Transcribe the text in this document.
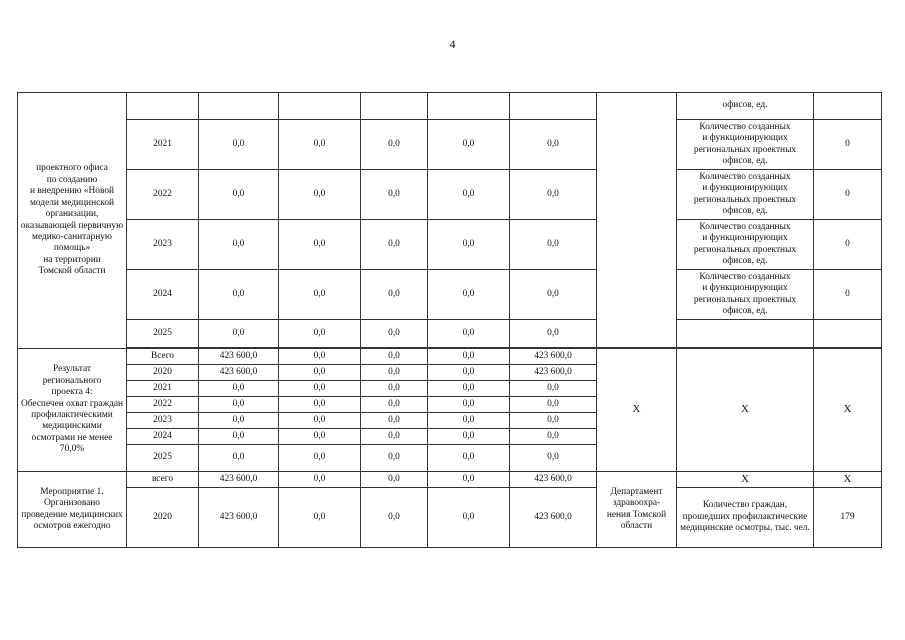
4
проектного офиса
по созданию
и внедрению «Новой модели медицинской организации, оказывающей первичную медико-санитарную помощь»
на территории
Томской области								офисов, ед.	
	2021	0,0	0,0	0,0	0,0	0,0		Количество созданных
и функционирующих региональных проектных офисов, ед.	0
	2022	0,0	0,0	0,0	0,0	0,0		Количество созданных
и функционирующих региональных проектных офисов, ед.	0
	2023	0,0	0,0	0,0	0,0	0,0		Количество созданных
и функционирующих региональных проектных офисов, ед.	0
	2024	0,0	0,0	0,0	0,0	0,0		Количество созданных
и функционирующих региональных проектных офисов, ед.	0
	2025	0,0	0,0	0,0	0,0	0,0			

Результат
регионального
проекта 4:
Обеспечен охват граждан профилактическими медицинскими осмотрами не менее 70,0%	Всего	423 600,0	0,0	0,0	0,0	423 600,0	X	X	X
	2020	423 600,0	0,0	0,0	0,0	423 600,0			
	2021	0,0	0,0	0,0	0,0	0,0			
	2022	0,0	0,0	0,0	0,0	0,0			
	2023	0,0	0,0	0,0	0,0	0,0			
	2024	0,0	0,0	0,0	0,0	0,0			
	2025	0,0	0,0	0,0	0,0	0,0			
Мероприятие 1.
Организовано проведение медицинских осмотров ежегодно	всего	423 600,0	0,0	0,0	0,0	423 600,0	Департамент здравоохра-
нения Томской области	X	X
	2020	423 600,0	0,0	0,0	0,0	423 600,0		Количество граждан, прошедших профилактические медицинские осмотры, тыс. чел.	179
